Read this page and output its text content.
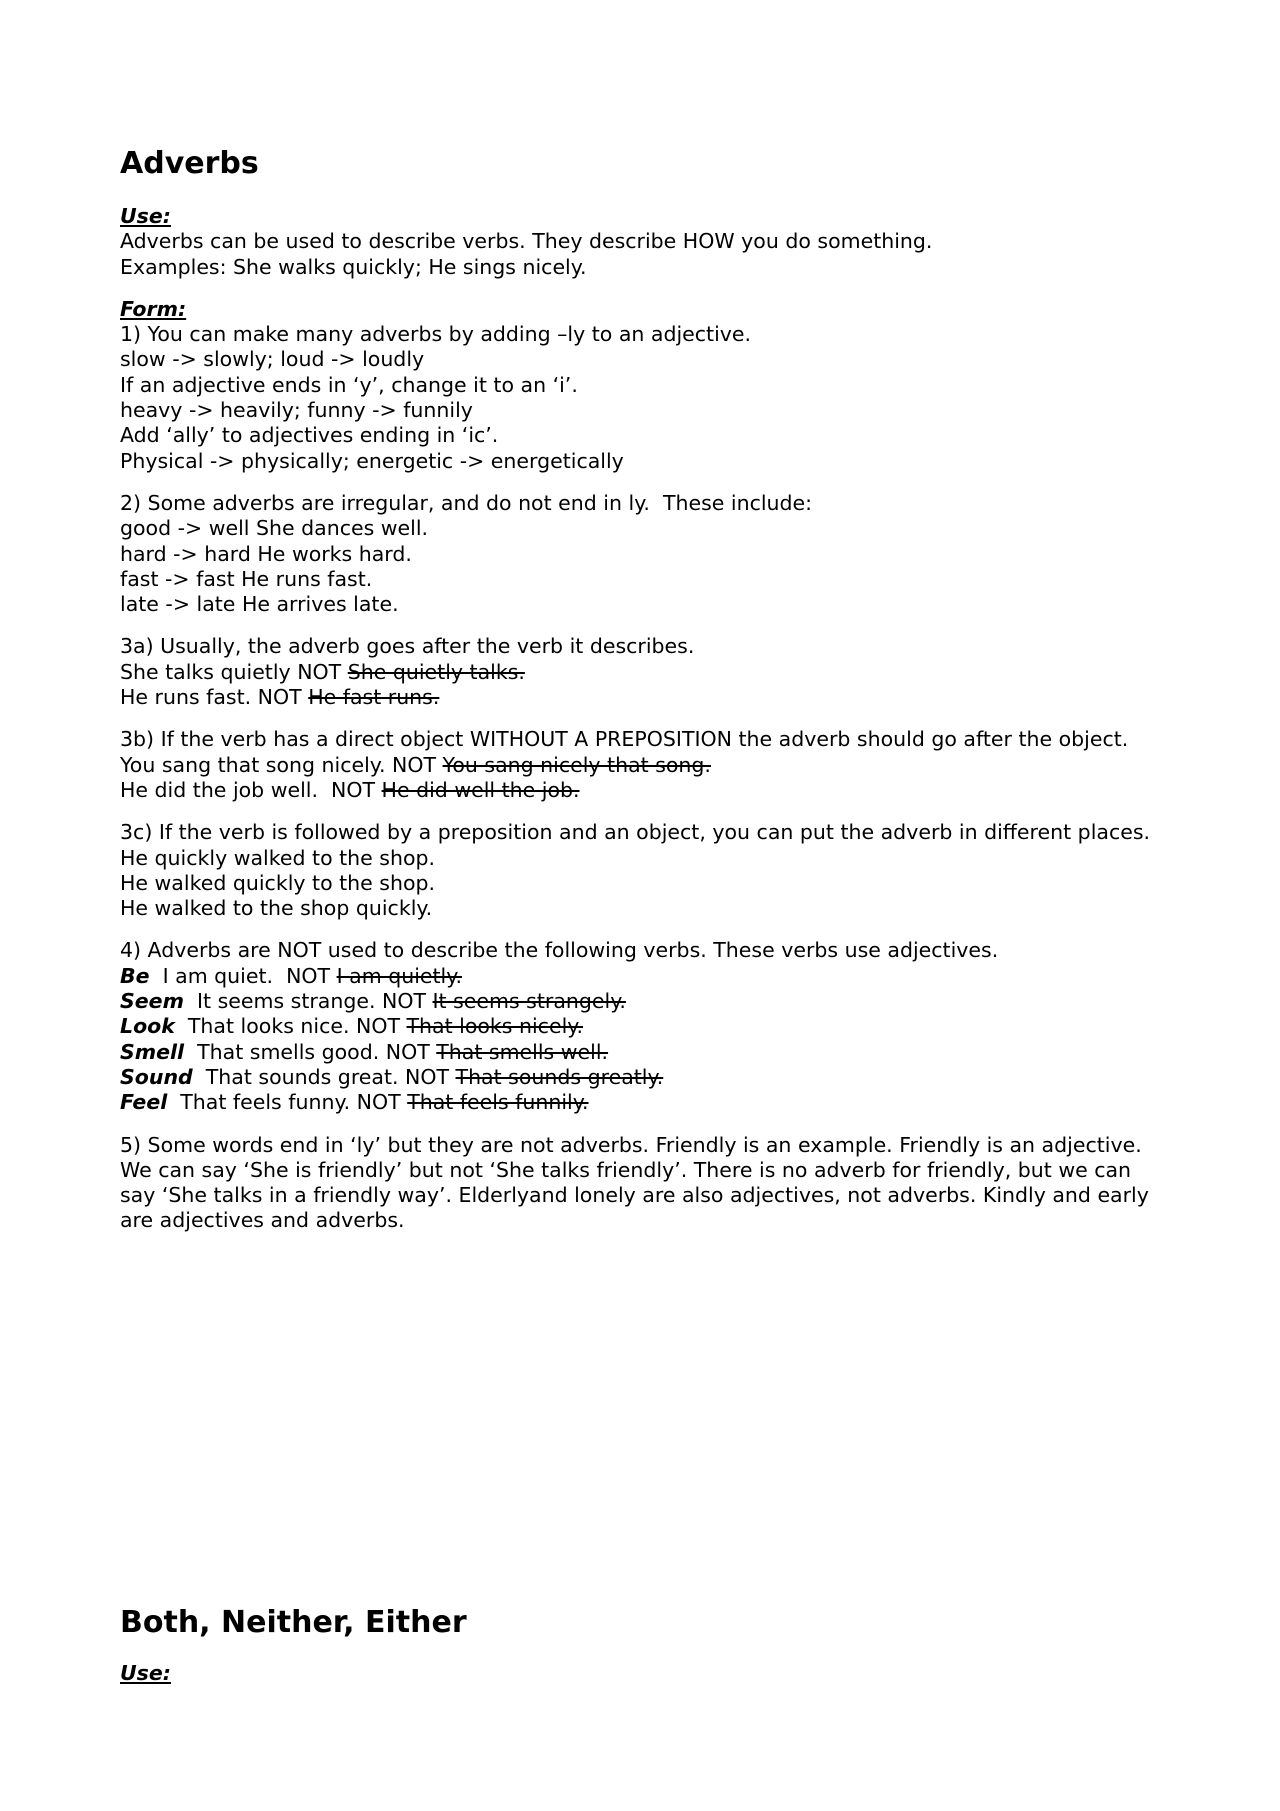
Adverbs
Use:
Adverbs can be used to describe verbs. They describe HOW you do something.
Examples: She walks quickly; He sings nicely.
Form:
1) You can make many adverbs by adding –ly to an adjective.
slow -> slowly; loud -> loudly
If an adjective ends in ‘y’, change it to an ‘i’.
heavy -> heavily; funny -> funnily
Add ‘ally’ to adjectives ending in ‘ic’.
Physical -> physically; energetic -> energetically
2) Some adverbs are irregular, and do not end in ly.  These include:
good -> well She dances well.
hard -> hard He works hard.
fast -> fast He runs fast.
late -> late He arrives late.
3a) Usually, the adverb goes after the verb it describes.
She talks quietly NOT She quietly talks.
He runs fast. NOT He fast runs.
3b) If the verb has a direct object WITHOUT A PREPOSITION the adverb should go after the object.
You sang that song nicely. NOT You sang nicely that song.
He did the job well.  NOT He did well the job.
3c) If the verb is followed by a preposition and an object, you can put the adverb in different places.
He quickly walked to the shop.
He walked quickly to the shop.
He walked to the shop quickly.
4) Adverbs are NOT used to describe the following verbs. These verbs use adjectives.
Be  I am quiet.  NOT I am quietly.
Seem  It seems strange. NOT It seems strangely.
Look  That looks nice. NOT That looks nicely.
Smell  That smells good. NOT That smells well.
Sound  That sounds great. NOT That sounds greatly.
Feel  That feels funny. NOT That feels funnily.
5) Some words end in ‘ly’ but they are not adverbs. Friendly is an example. Friendly is an adjective. We can say ‘She is friendly’ but not ‘She talks friendly’. There is no adverb for friendly, but we can say ‘She talks in a friendly way’. Elderlyand lonely are also adjectives, not adverbs. Kindly and early are adjectives and adverbs.
Both, Neither, Either
Use:
